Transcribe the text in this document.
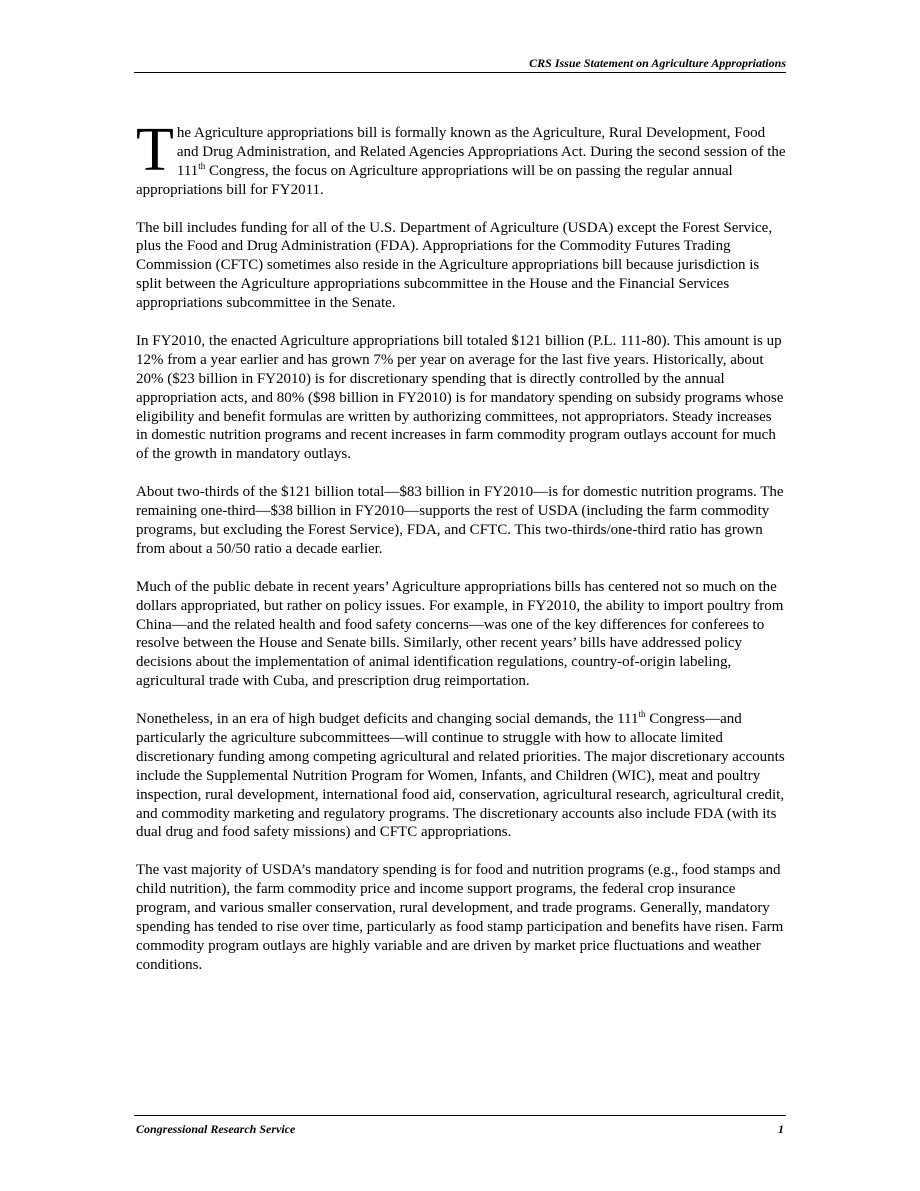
CRS Issue Statement on Agriculture Appropriations

The Agriculture appropriations bill is formally known as the Agriculture, Rural Development, Food and Drug Administration, and Related Agencies Appropriations Act. During the second session of the 111th Congress, the focus on Agriculture appropriations will be on passing the regular annual appropriations bill for FY2011.

The bill includes funding for all of the U.S. Department of Agriculture (USDA) except the Forest Service, plus the Food and Drug Administration (FDA). Appropriations for the Commodity Futures Trading Commission (CFTC) sometimes also reside in the Agriculture appropriations bill because jurisdiction is split between the Agriculture appropriations subcommittee in the House and the Financial Services appropriations subcommittee in the Senate.

In FY2010, the enacted Agriculture appropriations bill totaled $121 billion (P.L. 111-80). This amount is up 12% from a year earlier and has grown 7% per year on average for the last five years. Historically, about 20% ($23 billion in FY2010) is for discretionary spending that is directly controlled by the annual appropriation acts, and 80% ($98 billion in FY2010) is for mandatory spending on subsidy programs whose eligibility and benefit formulas are written by authorizing committees, not appropriators. Steady increases in domestic nutrition programs and recent increases in farm commodity program outlays account for much of the growth in mandatory outlays.

About two-thirds of the $121 billion total—$83 billion in FY2010—is for domestic nutrition programs. The remaining one-third—$38 billion in FY2010—supports the rest of USDA (including the farm commodity programs, but excluding the Forest Service), FDA, and CFTC. This two-thirds/one-third ratio has grown from about a 50/50 ratio a decade earlier.

Much of the public debate in recent years’ Agriculture appropriations bills has centered not so much on the dollars appropriated, but rather on policy issues. For example, in FY2010, the ability to import poultry from China—and the related health and food safety concerns—was one of the key differences for conferees to resolve between the House and Senate bills. Similarly, other recent years’ bills have addressed policy decisions about the implementation of animal identification regulations, country-of-origin labeling, agricultural trade with Cuba, and prescription drug reimportation.

Nonetheless, in an era of high budget deficits and changing social demands, the 111th Congress—and particularly the agriculture subcommittees—will continue to struggle with how to allocate limited discretionary funding among competing agricultural and related priorities. The major discretionary accounts include the Supplemental Nutrition Program for Women, Infants, and Children (WIC), meat and poultry inspection, rural development, international food aid, conservation, agricultural research, agricultural credit, and commodity marketing and regulatory programs. The discretionary accounts also include FDA (with its dual drug and food safety missions) and CFTC appropriations.

The vast majority of USDA’s mandatory spending is for food and nutrition programs (e.g., food stamps and child nutrition), the farm commodity price and income support programs, the federal crop insurance program, and various smaller conservation, rural development, and trade programs. Generally, mandatory spending has tended to rise over time, particularly as food stamp participation and benefits have risen. Farm commodity program outlays are highly variable and are driven by market price fluctuations and weather conditions.

Congressional Research Service	1
